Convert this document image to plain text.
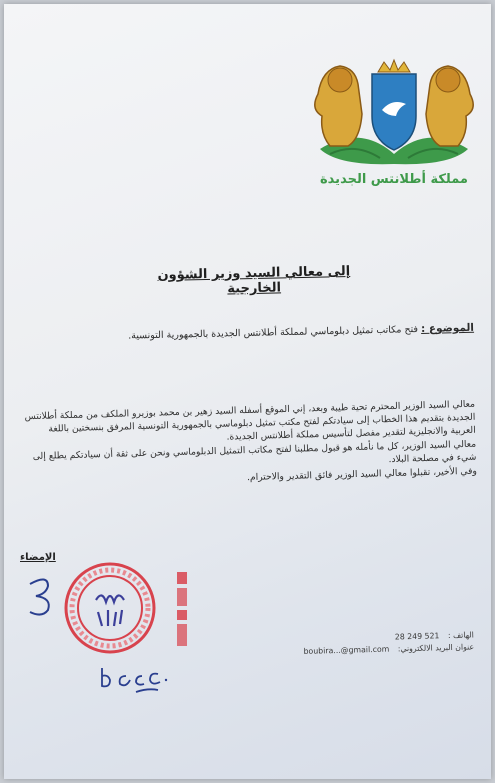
مملكة أطلانتس الجديدة
إلى معالي السيد وزير الشؤون الخارجية
الموضوع : فتح مكاتب تمثيل دبلوماسي لمملكة أطلانتس الجديدة بالجمهورية التونسية.

معالي السيد الوزير المحترم تحية طيبة وبعد، إني الموقع أسفله السيد زهير بن محمد بوزيرو الملكف من مملكة أطلانتس الجديدة بتقديم هذا الخطاب إلى سيادتكم لفتح مكتب تمثيل دبلوماسي بالجمهورية التونسية المرفق بنسختين باللغة العربية والانجليزية لتقدير مفصل لتأسيس مملكة أطلانتس الجديدة.

معالي السيد الوزير، كل ما نأمله هو قبول مطلبنا لفتح مكاتب التمثيل الدبلوماسي ونحن على ثقة أن سيادتكم يطلع إلى شيء في مصلحة البلاد.

وفي الأخير، تقبلوا معالي السيد الوزير فائق التقدير والاحترام.

الإمضاء
الهاتف : 28 249 521
عنوان البريد الالكتروني: boubira...@gmail.com
